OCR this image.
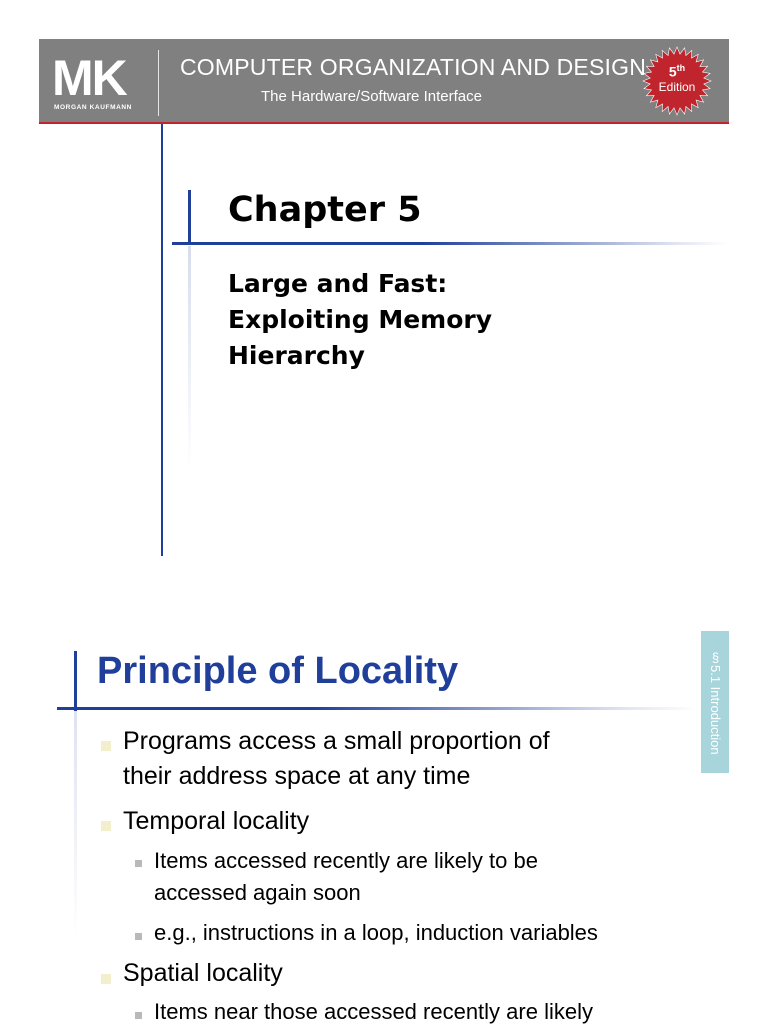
MK
MORGAN KAUFMANN
COMPUTER ORGANIZATION AND DESIGN
The Hardware/Software Interface
5th
Edition
Chapter 5
Large and Fast:
Exploiting Memory
Hierarchy
Principle of Locality	§5.1 Introduction
Programs access a small proportion of
their address space at any time
Temporal locality
Items accessed recently are likely to be
accessed again soon
e.g., instructions in a loop, induction variables
Spatial locality
Items near those accessed recently are likely
